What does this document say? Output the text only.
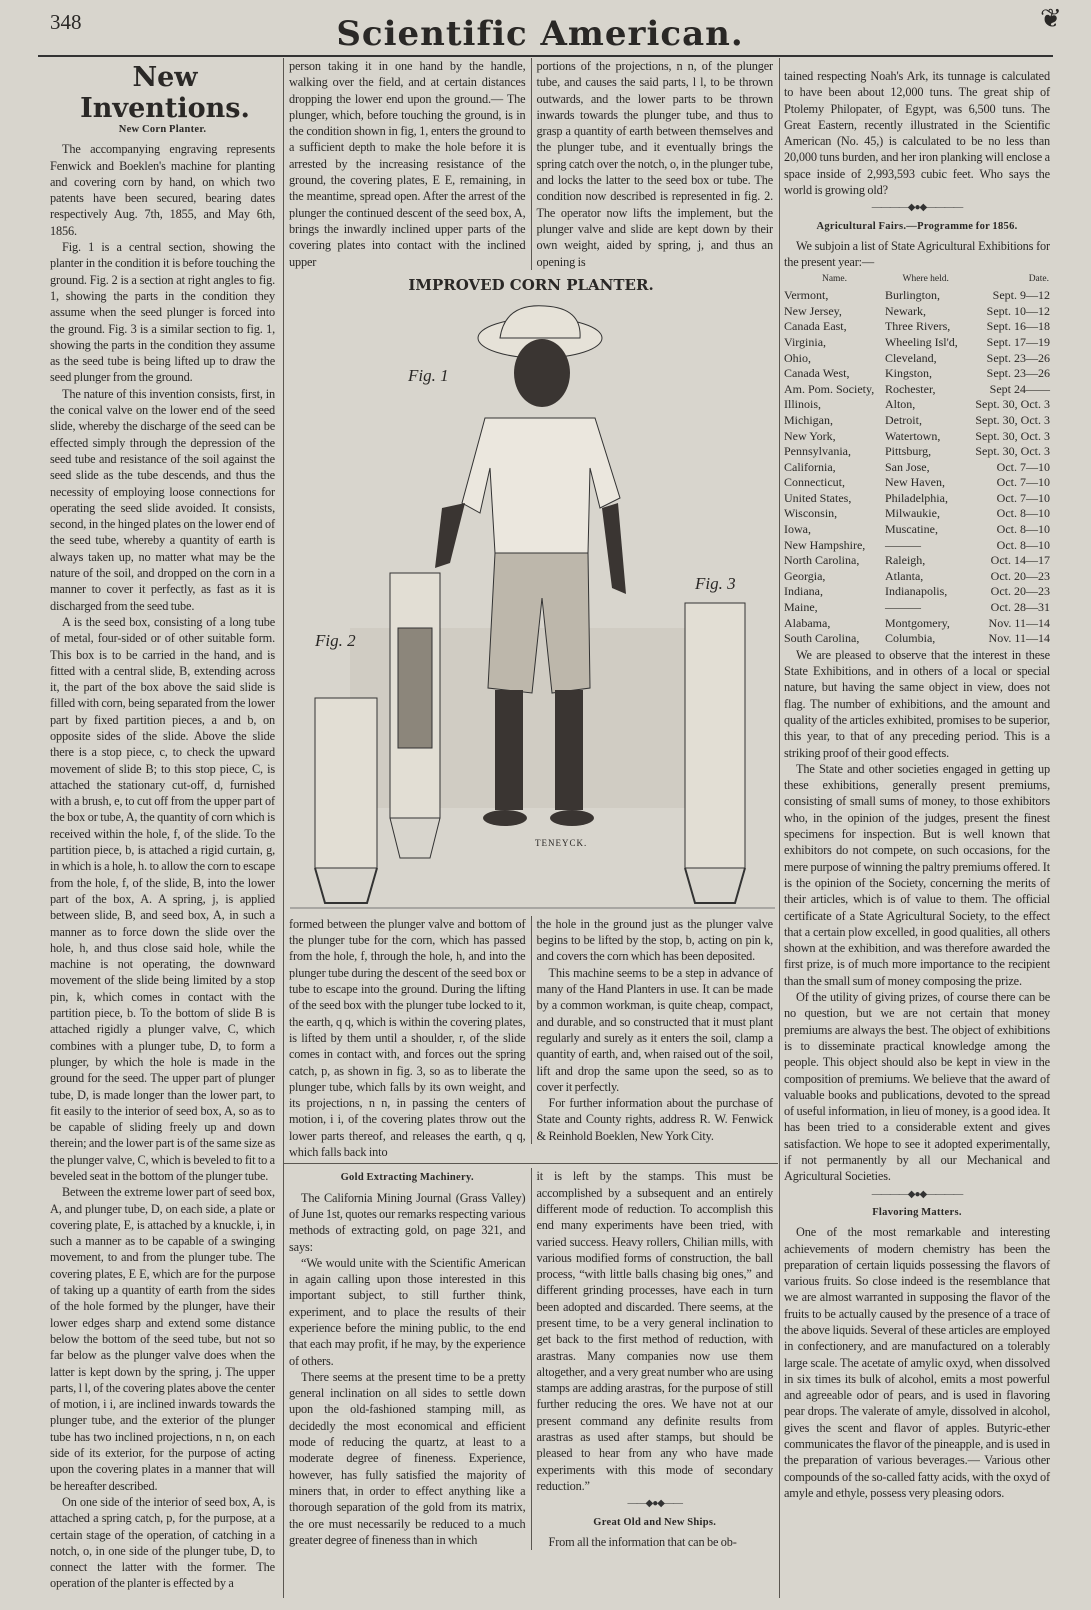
348	Scientific American.	❦
New Inventions.
New Corn Planter.

The accompanying engraving represents Fenwick and Boeklen's machine for planting and covering corn by hand, on which two patents have been secured, bearing dates respectively Aug. 7th, 1855, and May 6th, 1856.

Fig. 1 is a central section, showing the planter in the condition it is before touching the ground. Fig. 2 is a section at right angles to fig. 1, showing the parts in the condition they assume when the seed plunger is forced into the ground. Fig. 3 is a similar section to fig. 1, showing the parts in the condition they assume as the seed tube is being lifted up to draw the seed plunger from the ground.

The nature of this invention consists, first, in the conical valve on the lower end of the seed slide, whereby the discharge of the seed can be effected simply through the depression of the seed tube and resistance of the soil against the seed slide as the tube descends, and thus the necessity of employing loose connections for operating the seed slide avoided. It consists, second, in the hinged plates on the lower end of the seed tube, whereby a quantity of earth is always taken up, no matter what may be the nature of the soil, and dropped on the corn in a manner to cover it perfectly, as fast as it is discharged from the seed tube.

A is the seed box, consisting of a long tube of metal, four-sided or of other suitable form. This box is to be carried in the hand, and is fitted with a central slide, B, extending across it, the part of the box above the said slide is filled with corn, being separated from the lower part by fixed partition pieces, a and b, on opposite sides of the slide. Above the slide there is a stop piece, c, to check the upward movement of slide B; to this stop piece, C, is attached the stationary cut-off, d, furnished with a brush, e, to cut off from the upper part of the box or tube, A, the quantity of corn which is received within the hole, f, of the slide. To the partition piece, b, is attached a rigid curtain, g, in which is a hole, h. to allow the corn to escape from the hole, f, of the slide, B, into the lower part of the box, A. A spring, j, is applied between slide, B, and seed box, A, in such a manner as to force down the slide over the hole, h, and thus close said hole, while the machine is not operating, the downward movement of the slide being limited by a stop pin, k, which comes in contact with the partition piece, b. To the bottom of slide B is attached rigidly a plunger valve, C, which combines with a plunger tube, D, to form a plunger, by which the hole is made in the ground for the seed. The upper part of plunger tube, D, is made longer than the lower part, to fit easily to the interior of seed box, A, so as to be capable of sliding freely up and down therein; and the lower part is of the same size as the plunger valve, C, which is beveled to fit to a beveled seat in the bottom of the plunger tube.

Between the extreme lower part of seed box, A, and plunger tube, D, on each side, a plate or covering plate, E, is attached by a knuckle, i, in such a manner as to be capable of a swinging movement, to and from the plunger tube. The covering plates, E E, which are for the purpose of taking up a quantity of earth from the sides of the hole formed by the plunger, have their lower edges sharp and extend some distance below the bottom of the seed tube, but not so far below as the plunger valve does when the latter is kept down by the spring, j. The upper parts, l l, of the covering plates above the center of motion, i i, are inclined inwards towards the plunger tube, and the exterior of the plunger tube has two inclined projections, n n, on each side of its exterior, for the purpose of acting upon the covering plates in a manner that will be hereafter described.

On one side of the interior of seed box, A, is attached a spring catch, p, for the purpose, at a certain stage of the operation, of catching in a notch, o, in one side of the plunger tube, D, to connect the latter with the former. The operation of the planter is effected by a

person taking it in one hand by the handle, walking over the field, and at certain distances dropping the lower end upon the ground.— The plunger, which, before touching the ground, is in the condition shown in fig, 1, enters the ground to a sufficient depth to make the hole before it is arrested by the increasing resistance of the ground, the covering plates, E E, remaining, in the meantime, spread open. After the arrest of the plunger the continued descent of the seed box, A, brings the inwardly inclined upper parts of the covering plates into contact with the inclined upper

portions of the projections, n n, of the plunger tube, and causes the said parts, l l, to be thrown outwards, and the lower parts to be thrown inwards towards the plunger tube, and thus to grasp a quantity of earth between themselves and the plunger tube, and it eventually brings the spring catch over the notch, o, in the plunger tube, and locks the latter to the seed box or tube. The condition now described is represented in fig. 2. The operator now lifts the implement, but the plunger valve and slide are kept down by their own weight, aided by spring, j, and thus an opening is

IMPROVED CORN PLANTER.
Fig. 1
Fig. 2
Fig. 3
TENEYCK.

formed between the plunger valve and bottom of the plunger tube for the corn, which has passed from the hole, f, through the hole, h, and into the plunger tube during the descent of the seed box or tube to escape into the ground. During the lifting of the seed box with the plunger tube locked to it, the earth, q q, which is within the covering plates, is lifted by them until a shoulder, r, of the slide comes in contact with, and forces out the spring catch, p, as shown in fig. 3, so as to liberate the plunger tube, which falls by its own weight, and its projections, n n, in passing the centers of motion, i i, of the covering plates throw out the lower parts thereof, and releases the earth, q q, which falls back into

the hole in the ground just as the plunger valve begins to be lifted by the stop, b, acting on pin k, and covers the corn which has been deposited.

This machine seems to be a step in advance of many of the Hand Planters in use. It can be made by a common workman, is quite cheap, compact, and durable, and so constructed that it must plant regularly and surely as it enters the soil, clamp a quantity of earth, and, when raised out of the soil, lift and drop the same upon the seed, so as to cover it perfectly.

For further information about the purchase of State and County rights, address R. W. Fenwick & Reinhold Boeklen, New York City.

Gold Extracting Machinery.

The California Mining Journal (Grass Valley) of June 1st, quotes our remarks respecting various methods of extracting gold, on page 321, and says:

“We would unite with the Scientific American in again calling upon those interested in this important subject, to still further think, experiment, and to place the results of their experience before the mining public, to the end that each may profit, if he may, by the experience of others.

There seems at the present time to be a pretty general inclination on all sides to settle down upon the old-fashioned stamping mill, as decidedly the most economical and efficient mode of reducing the quartz, at least to a moderate degree of fineness. Experience, however, has fully satisfied the majority of miners that, in order to effect anything like a thorough separation of the gold from its matrix, the ore must necessarily be reduced to a much greater degree of fineness than in which

it is left by the stamps. This must be accomplished by a subsequent and an entirely different mode of reduction. To accomplish this end many experiments have been tried, with varied success. Heavy rollers, Chilian mills, with various modified forms of construction, the ball process, “with little balls chasing big ones,” and different grinding processes, have each in turn been adopted and discarded. There seems, at the present time, to be a very general inclination to get back to the first method of reduction, with arastras. Many companies now use them altogether, and a very great number who are using stamps are adding arastras, for the purpose of still further reducing the ores. We have not at our present command any definite results from arastras as used after stamps, but should be pleased to hear from any who have made experiments with this mode of secondary reduction.”

——◆●◆——
Great Old and New Ships.

From all the information that can be ob-

tained respecting Noah's Ark, its tunnage is calculated to have been about 12,000 tuns. The great ship of Ptolemy Philopater, of Egypt, was 6,500 tuns. The Great Eastern, recently illustrated in the Scientific American (No. 45,) is calculated to be no less than 20,000 tuns burden, and her iron planking will enclose a space inside of 2,993,593 cubic feet. Who says the world is growing old?

————◆●◆————
Agricultural Fairs.—Programme for 1856.

We subjoin a list of State Agricultural Exhibitions for the present year:—

Name.	Where held.	Date.
Vermont,	Burlington,	Sept. 9—12
New Jersey,	Newark,	Sept. 10—12
Canada East,	Three Rivers,	Sept. 16—18
Virginia,	Wheeling Isl'd,	Sept. 17—19
Ohio,	Cleveland,	Sept. 23—26
Canada West,	Kingston,	Sept. 23—26
Am. Pom. Society,	Rochester,	Sept 24——
Illinois,	Alton,	Sept. 30, Oct. 3
Michigan,	Detroit,	Sept. 30, Oct. 3
New York,	Watertown,	Sept. 30, Oct. 3
Pennsylvania,	Pittsburg,	Sept. 30, Oct. 3
California,	San Jose,	Oct. 7—10
Connecticut,	New Haven,	Oct. 7—10
United States,	Philadelphia,	Oct. 7—10
Wisconsin,	Milwaukie,	Oct. 8—10
Iowa,	Muscatine,	Oct. 8—10
New Hampshire,	———	Oct. 8—10
North Carolina,	Raleigh,	Oct. 14—17
Georgia,	Atlanta,	Oct. 20—23
Indiana,	Indianapolis,	Oct. 20—23
Maine,	———	Oct. 28—31
Alabama,	Montgomery,	Nov. 11—14
South Carolina,	Columbia,	Nov. 11—14

We are pleased to observe that the interest in these State Exhibitions, and in others of a local or special nature, but having the same object in view, does not flag. The number of exhibitions, and the amount and quality of the articles exhibited, promises to be superior, this year, to that of any preceding period. This is a striking proof of their good effects.

The State and other societies engaged in getting up these exhibitions, generally present premiums, consisting of small sums of money, to those exhibitors who, in the opinion of the judges, present the finest specimens for inspection. But is well known that exhibitors do not compete, on such occasions, for the mere purpose of winning the paltry premiums offered. It is the opinion of the Society, concerning the merits of their articles, which is of value to them. The official certificate of a State Agricultural Society, to the effect that a certain plow excelled, in good qualities, all others shown at the exhibition, and was therefore awarded the first prize, is of much more importance to the recipient than the small sum of money composing the prize.

Of the utility of giving prizes, of course there can be no question, but we are not certain that money premiums are always the best. The object of exhibitions is to disseminate practical knowledge among the people. This object should also be kept in view in the composition of premiums. We believe that the award of valuable books and publications, devoted to the spread of useful information, in lieu of money, is a good idea. It has been tried to a considerable extent and gives satisfaction. We hope to see it adopted experimentally, if not permanently by all our Mechanical and Agricultural Societies.

————◆●◆————
Flavoring Matters.

One of the most remarkable and interesting achievements of modern chemistry has been the preparation of certain liquids possessing the flavors of various fruits. So close indeed is the resemblance that we are almost warranted in supposing the flavor of the fruits to be actually caused by the presence of a trace of the above liquids. Several of these articles are employed in confectionery, and are manufactured on a tolerably large scale. The acetate of amylic oxyd, when dissolved in six times its bulk of alcohol, emits a most powerful and agreeable odor of pears, and is used in flavoring pear drops. The valerate of amyle, dissolved in alcohol, gives the scent and flavor of apples. Butyric-ether communicates the flavor of the pineapple, and is used in the preparation of various beverages.— Various other compounds of the so-called fatty acids, with the oxyd of amyle and ethyle, possess very pleasing odors.
